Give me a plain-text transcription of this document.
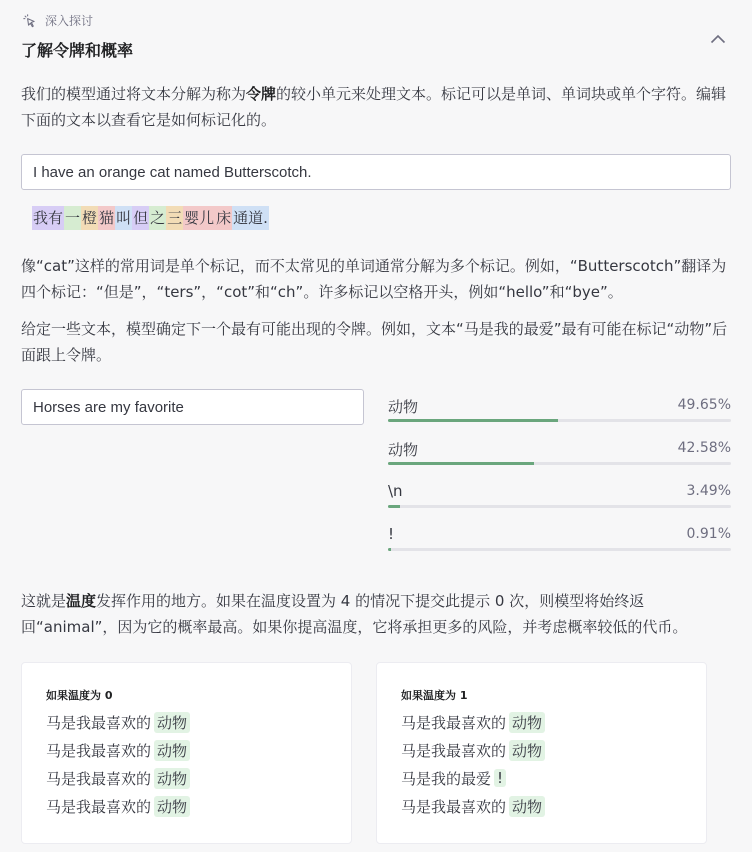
深入探讨
了解令牌和概率

我们的模型通过将文本分解为称为令牌的较小单元来处理文本。标记可以是单词、单词块或单个字符。编辑下面的文本以查看它是如何标记化的。

I have an orange cat named Butterscotch.
我有 一 橙 猫 叫 但 之 三 婴儿 床 通道.

像“cat”这样的常用词是单个标记，而不太常见的单词通常分解为多个标记。例如，“Butterscotch”翻译为四个标记：“但是”，“ters”，“cot”和“ch”。许多标记以空格开头，例如“hello”和“bye”。

给定一些文本，模型确定下一个最有可能出现的令牌。例如，文本“马是我的最爱”最有可能在标记“动物”后面跟上令牌。

Horses are my favorite
动物	49.65%
动物	42.58%
\n	3.49%
!	0.91%

这就是温度发挥作用的地方。如果在温度设置为 4 的情况下提交此提示 0 次，则模型将始终返回“animal”，因为它的概率最高。如果你提高温度，它将承担更多的风险，并考虑概率较低的代币。

如果温度为 0
马是我最喜欢的 动物
马是我最喜欢的 动物
马是我最喜欢的 动物
马是我最喜欢的 动物
如果温度为 1
马是我最喜欢的 动物
马是我最喜欢的 动物
马是我的最爱 !
马是我最喜欢的 动物
